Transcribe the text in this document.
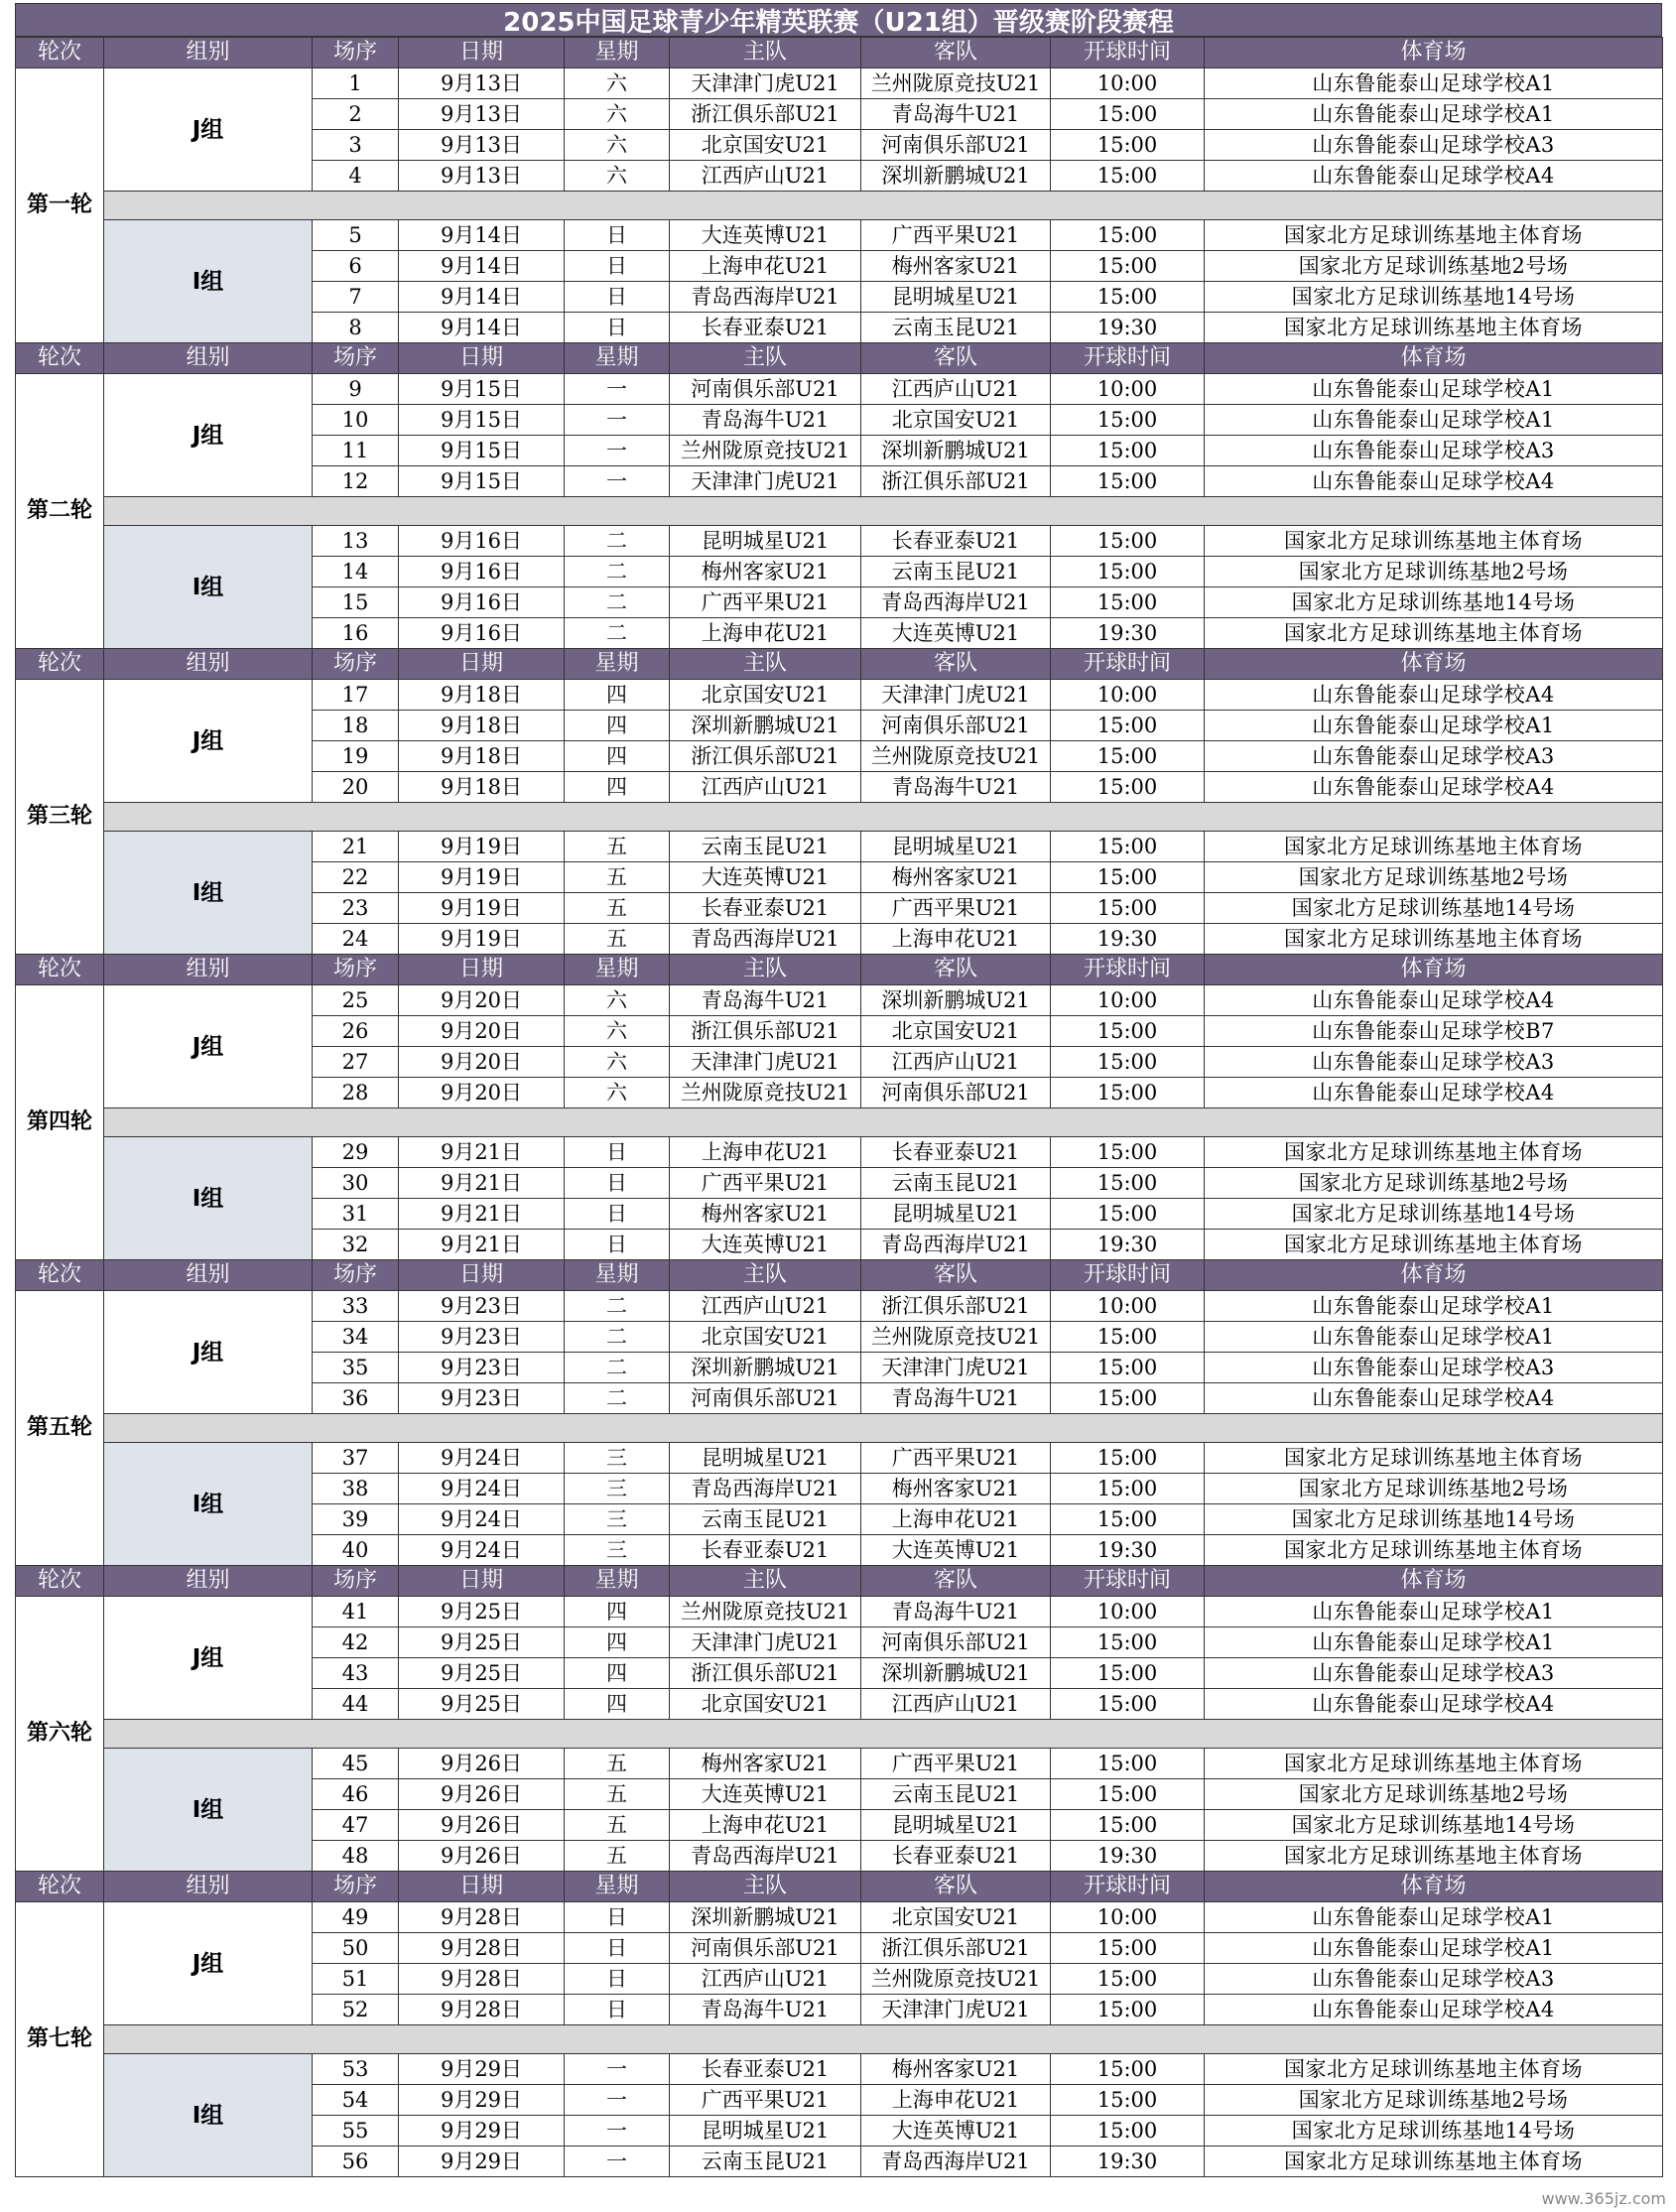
2025中国足球青少年精英联赛（U21组）晋级赛阶段赛程
轮次	组别	场序	日期	星期	主队	客队	开球时间	体育场
第一轮	J组	1	9月13日	六	天津津门虎U21	兰州陇原竞技U21	10:00	山东鲁能泰山足球学校A1
		2	9月13日	六	浙江俱乐部U21	青岛海牛U21	15:00	山东鲁能泰山足球学校A1
		3	9月13日	六	北京国安U21	河南俱乐部U21	15:00	山东鲁能泰山足球学校A3
		4	9月13日	六	江西庐山U21	深圳新鹏城U21	15:00	山东鲁能泰山足球学校A4

	I组	5	9月14日	日	大连英博U21	广西平果U21	15:00	国家北方足球训练基地主体育场
		6	9月14日	日	上海申花U21	梅州客家U21	15:00	国家北方足球训练基地2号场
		7	9月14日	日	青岛西海岸U21	昆明城星U21	15:00	国家北方足球训练基地14号场
		8	9月14日	日	长春亚泰U21	云南玉昆U21	19:30	国家北方足球训练基地主体育场
轮次	组别	场序	日期	星期	主队	客队	开球时间	体育场
第二轮	J组	9	9月15日	一	河南俱乐部U21	江西庐山U21	10:00	山东鲁能泰山足球学校A1
		10	9月15日	一	青岛海牛U21	北京国安U21	15:00	山东鲁能泰山足球学校A1
		11	9月15日	一	兰州陇原竞技U21	深圳新鹏城U21	15:00	山东鲁能泰山足球学校A3
		12	9月15日	一	天津津门虎U21	浙江俱乐部U21	15:00	山东鲁能泰山足球学校A4

	I组	13	9月16日	二	昆明城星U21	长春亚泰U21	15:00	国家北方足球训练基地主体育场
		14	9月16日	二	梅州客家U21	云南玉昆U21	15:00	国家北方足球训练基地2号场
		15	9月16日	二	广西平果U21	青岛西海岸U21	15:00	国家北方足球训练基地14号场
		16	9月16日	二	上海申花U21	大连英博U21	19:30	国家北方足球训练基地主体育场
轮次	组别	场序	日期	星期	主队	客队	开球时间	体育场
第三轮	J组	17	9月18日	四	北京国安U21	天津津门虎U21	10:00	山东鲁能泰山足球学校A4
		18	9月18日	四	深圳新鹏城U21	河南俱乐部U21	15:00	山东鲁能泰山足球学校A1
		19	9月18日	四	浙江俱乐部U21	兰州陇原竞技U21	15:00	山东鲁能泰山足球学校A3
		20	9月18日	四	江西庐山U21	青岛海牛U21	15:00	山东鲁能泰山足球学校A4

	I组	21	9月19日	五	云南玉昆U21	昆明城星U21	15:00	国家北方足球训练基地主体育场
		22	9月19日	五	大连英博U21	梅州客家U21	15:00	国家北方足球训练基地2号场
		23	9月19日	五	长春亚泰U21	广西平果U21	15:00	国家北方足球训练基地14号场
		24	9月19日	五	青岛西海岸U21	上海申花U21	19:30	国家北方足球训练基地主体育场
轮次	组别	场序	日期	星期	主队	客队	开球时间	体育场
第四轮	J组	25	9月20日	六	青岛海牛U21	深圳新鹏城U21	10:00	山东鲁能泰山足球学校A4
		26	9月20日	六	浙江俱乐部U21	北京国安U21	15:00	山东鲁能泰山足球学校B7
		27	9月20日	六	天津津门虎U21	江西庐山U21	15:00	山东鲁能泰山足球学校A3
		28	9月20日	六	兰州陇原竞技U21	河南俱乐部U21	15:00	山东鲁能泰山足球学校A4

	I组	29	9月21日	日	上海申花U21	长春亚泰U21	15:00	国家北方足球训练基地主体育场
		30	9月21日	日	广西平果U21	云南玉昆U21	15:00	国家北方足球训练基地2号场
		31	9月21日	日	梅州客家U21	昆明城星U21	15:00	国家北方足球训练基地14号场
		32	9月21日	日	大连英博U21	青岛西海岸U21	19:30	国家北方足球训练基地主体育场
轮次	组别	场序	日期	星期	主队	客队	开球时间	体育场
第五轮	J组	33	9月23日	二	江西庐山U21	浙江俱乐部U21	10:00	山东鲁能泰山足球学校A1
		34	9月23日	二	北京国安U21	兰州陇原竞技U21	15:00	山东鲁能泰山足球学校A1
		35	9月23日	二	深圳新鹏城U21	天津津门虎U21	15:00	山东鲁能泰山足球学校A3
		36	9月23日	二	河南俱乐部U21	青岛海牛U21	15:00	山东鲁能泰山足球学校A4

	I组	37	9月24日	三	昆明城星U21	广西平果U21	15:00	国家北方足球训练基地主体育场
		38	9月24日	三	青岛西海岸U21	梅州客家U21	15:00	国家北方足球训练基地2号场
		39	9月24日	三	云南玉昆U21	上海申花U21	15:00	国家北方足球训练基地14号场
		40	9月24日	三	长春亚泰U21	大连英博U21	19:30	国家北方足球训练基地主体育场
轮次	组别	场序	日期	星期	主队	客队	开球时间	体育场
第六轮	J组	41	9月25日	四	兰州陇原竞技U21	青岛海牛U21	10:00	山东鲁能泰山足球学校A1
		42	9月25日	四	天津津门虎U21	河南俱乐部U21	15:00	山东鲁能泰山足球学校A1
		43	9月25日	四	浙江俱乐部U21	深圳新鹏城U21	15:00	山东鲁能泰山足球学校A3
		44	9月25日	四	北京国安U21	江西庐山U21	15:00	山东鲁能泰山足球学校A4

	I组	45	9月26日	五	梅州客家U21	广西平果U21	15:00	国家北方足球训练基地主体育场
		46	9月26日	五	大连英博U21	云南玉昆U21	15:00	国家北方足球训练基地2号场
		47	9月26日	五	上海申花U21	昆明城星U21	15:00	国家北方足球训练基地14号场
		48	9月26日	五	青岛西海岸U21	长春亚泰U21	19:30	国家北方足球训练基地主体育场
轮次	组别	场序	日期	星期	主队	客队	开球时间	体育场
第七轮	J组	49	9月28日	日	深圳新鹏城U21	北京国安U21	10:00	山东鲁能泰山足球学校A1
		50	9月28日	日	河南俱乐部U21	浙江俱乐部U21	15:00	山东鲁能泰山足球学校A1
		51	9月28日	日	江西庐山U21	兰州陇原竞技U21	15:00	山东鲁能泰山足球学校A3
		52	9月28日	日	青岛海牛U21	天津津门虎U21	15:00	山东鲁能泰山足球学校A4

	I组	53	9月29日	一	长春亚泰U21	梅州客家U21	15:00	国家北方足球训练基地主体育场
		54	9月29日	一	广西平果U21	上海申花U21	15:00	国家北方足球训练基地2号场
		55	9月29日	一	昆明城星U21	大连英博U21	15:00	国家北方足球训练基地14号场
		56	9月29日	一	云南玉昆U21	青岛西海岸U21	19:30	国家北方足球训练基地主体育场
www.365jz.com
